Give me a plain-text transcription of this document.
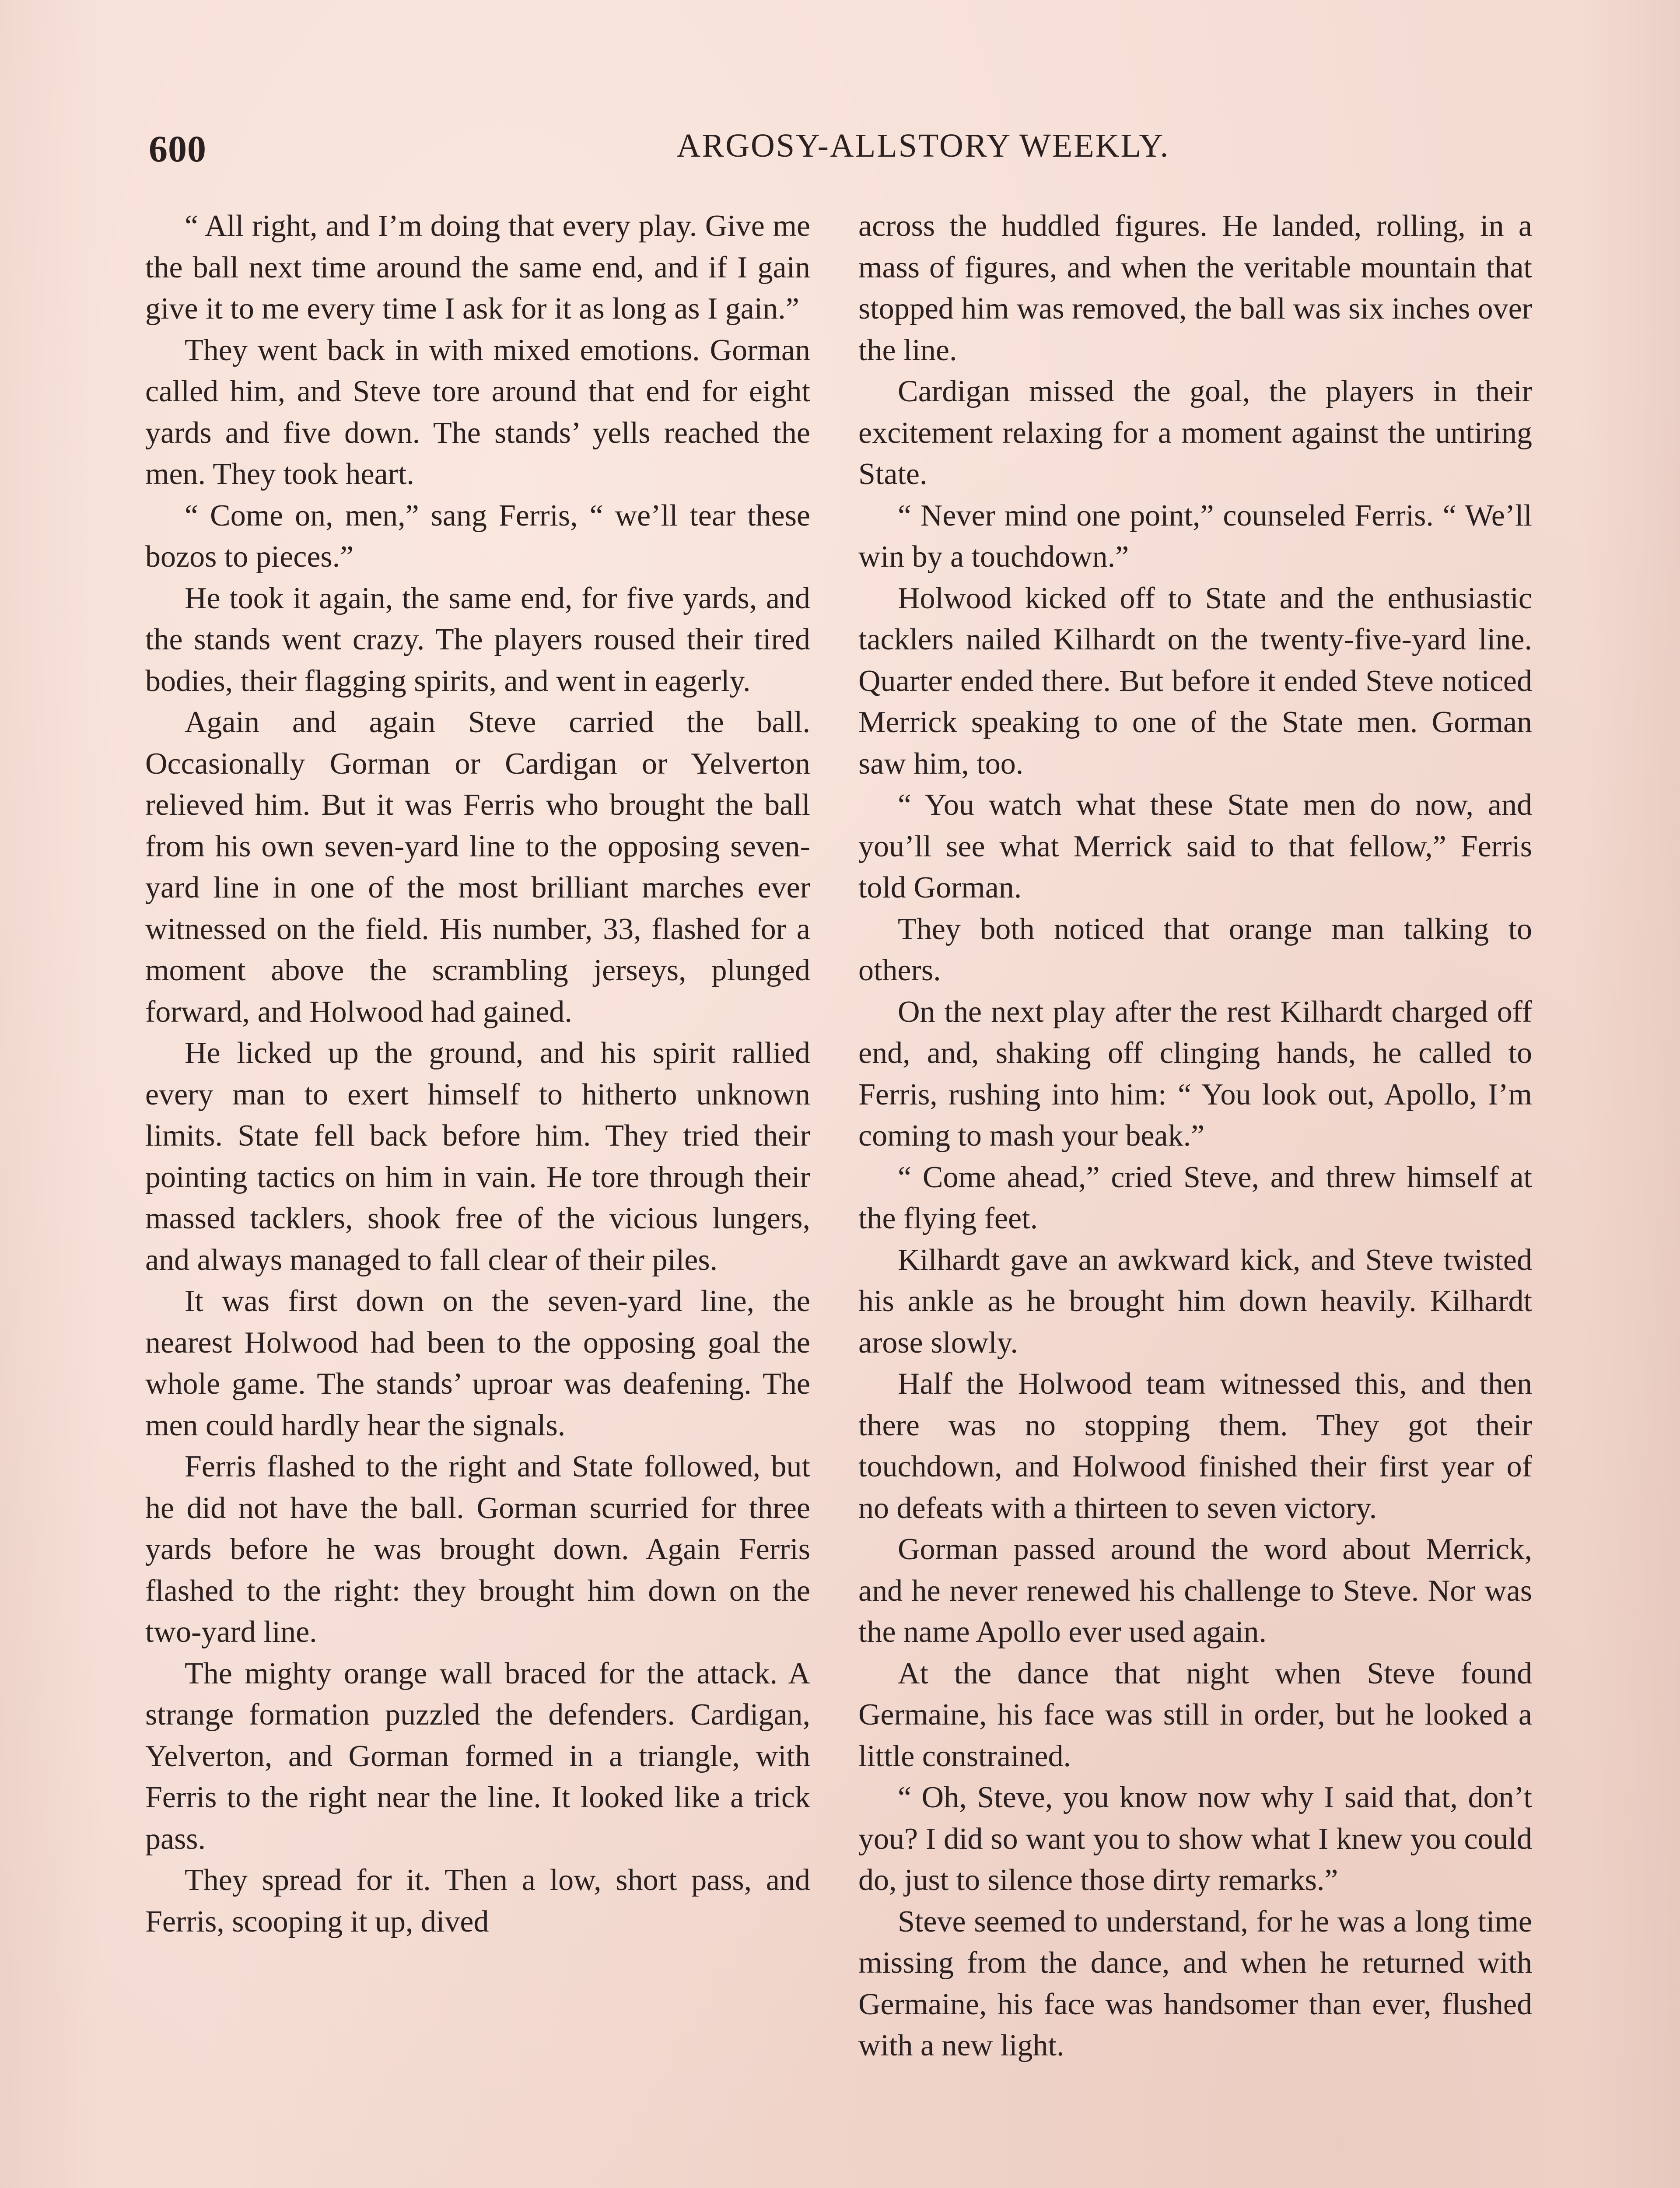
600	ARGOSY-ALLSTORY WEEKLY.

“ All right, and I’m doing that every play. Give me the ball next time around the same end, and if I gain give it to me every time I ask for it as long as I gain.”

They went back in with mixed emotions. Gorman called him, and Steve tore around that end for eight yards and five down. The stands’ yells reached the men. They took heart.

“ Come on, men,” sang Ferris, “ we’ll tear these bozos to pieces.”

He took it again, the same end, for five yards, and the stands went crazy. The players roused their tired bodies, their flagging spirits, and went in eagerly.

Again and again Steve carried the ball. Occasionally Gorman or Cardigan or Yelverton relieved him. But it was Ferris who brought the ball from his own seven-yard line to the opposing seven-yard line in one of the most brilliant marches ever witnessed on the field. His number, 33, flashed for a moment above the scrambling jerseys, plunged forward, and Holwood had gained.

He licked up the ground, and his spirit rallied every man to exert himself to hitherto unknown limits. State fell back before him. They tried their pointing tactics on him in vain. He tore through their massed tacklers, shook free of the vicious lungers, and always managed to fall clear of their piles.

It was first down on the seven-yard line, the nearest Holwood had been to the opposing goal the whole game. The stands’ uproar was deafening. The men could hardly hear the signals.

Ferris flashed to the right and State followed, but he did not have the ball. Gorman scurried for three yards before he was brought down. Again Ferris flashed to the right: they brought him down on the two-yard line.

The mighty orange wall braced for the attack. A strange formation puzzled the defenders. Cardigan, Yelverton, and Gorman formed in a triangle, with Ferris to the right near the line. It looked like a trick pass.

They spread for it. Then a low, short pass, and Ferris, scooping it up, dived

across the huddled figures. He landed, rolling, in a mass of figures, and when the veritable mountain that stopped him was removed, the ball was six inches over the line.

Cardigan missed the goal, the players in their excitement relaxing for a moment against the untiring State.

“ Never mind one point,” counseled Ferris. “ We’ll win by a touchdown.”

Holwood kicked off to State and the enthusiastic tacklers nailed Kilhardt on the twenty-five-yard line. Quarter ended there. But before it ended Steve noticed Merrick speaking to one of the State men. Gorman saw him, too.

“ You watch what these State men do now, and you’ll see what Merrick said to that fellow,” Ferris told Gorman.

They both noticed that orange man talking to others.

On the next play after the rest Kilhardt charged off end, and, shaking off clinging hands, he called to Ferris, rushing into him: “ You look out, Apollo, I’m coming to mash your beak.”

“ Come ahead,” cried Steve, and threw himself at the flying feet.

Kilhardt gave an awkward kick, and Steve twisted his ankle as he brought him down heavily. Kilhardt arose slowly.

Half the Holwood team witnessed this, and then there was no stopping them. They got their touchdown, and Holwood finished their first year of no defeats with a thirteen to seven victory.

Gorman passed around the word about Merrick, and he never renewed his challenge to Steve. Nor was the name Apollo ever used again.

At the dance that night when Steve found Germaine, his face was still in order, but he looked a little constrained.

“ Oh, Steve, you know now why I said that, don’t you? I did so want you to show what I knew you could do, just to silence those dirty remarks.”

Steve seemed to understand, for he was a long time missing from the dance, and when he returned with Germaine, his face was handsomer than ever, flushed with a new light.
